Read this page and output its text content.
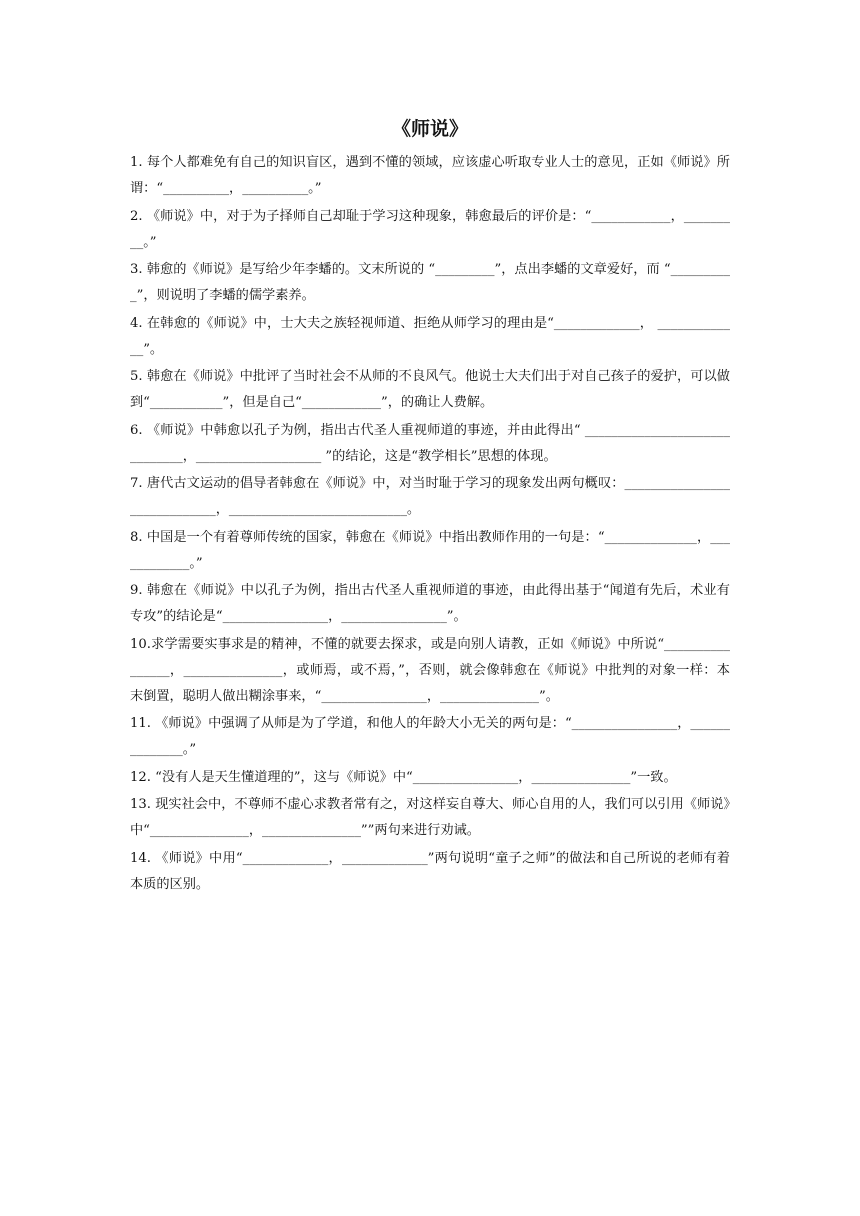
《师说》

1. 每个人都难免有自己的知识盲区，遇到不懂的领域，应该虚心听取专业人士的意见，正如《师说》所谓：“__________，__________。”

2. 《师说》中，对于为子择师自己却耻于学习这种现象，韩愈最后的评价是：“____________，_________。”

3. 韩愈的《师说》是写给少年李蟠的。文末所说的 “_________”，点出李蟠的文章爱好，而 “__________”，则说明了李蟠的儒学素养。

4. 在韩愈的《师说》中，士大夫之族轻视师道、拒绝从师学习的理由是“_____________， _____________”。

5. 韩愈在《师说》中批评了当时社会不从师的不良风气。他说士大夫们出于对自己孩子的爱护，可以做到“___________”，但是自己“____________”，的确让人费解。

6. 《师说》中韩愈以孔子为例，指出古代圣人重视师道的事迹，并由此得出“ ______________________________，___________________ ”的结论，这是“教学相长”思想的体现。

7. 唐代古文运动的倡导者韩愈在《师说》中，对当时耻于学习的现象发出两句概叹：_____________________________，___________________________。

8. 中国是一个有着尊师传统的国家，韩愈在《师说》中指出教师作用的一句是：“______________，____________。”

9. 韩愈在《师说》中以孔子为例，指出古代圣人重视师道的事迹，由此得出基于“闻道有先后，术业有专攻”的结论是“________________，________________”。

10.求学需要实事求是的精神，不懂的就要去探求，或是向别人请教，正如《师说》中所说“________________，_______________，或师焉，或不焉，”，否则，就会像韩愈在《师说》中批判的对象一样：本末倒置，聪明人做出糊涂事来，“________________，_______________”。

11. 《师说》中强调了从师是为了学道，和他人的年龄大小无关的两句是：“________________，______________。”

12. “没有人是天生懂道理的”，这与《师说》中“________________，_______________”一致。

13. 现实社会中，不尊师不虚心求教者常有之，对这样妄自尊大、师心自用的人，我们可以引用《师说》中“_______________，_______________””两句来进行劝诫。

14. 《师说》中用“_____________，_____________”两句说明“童子之师”的做法和自己所说的老师有着本质的区别。
